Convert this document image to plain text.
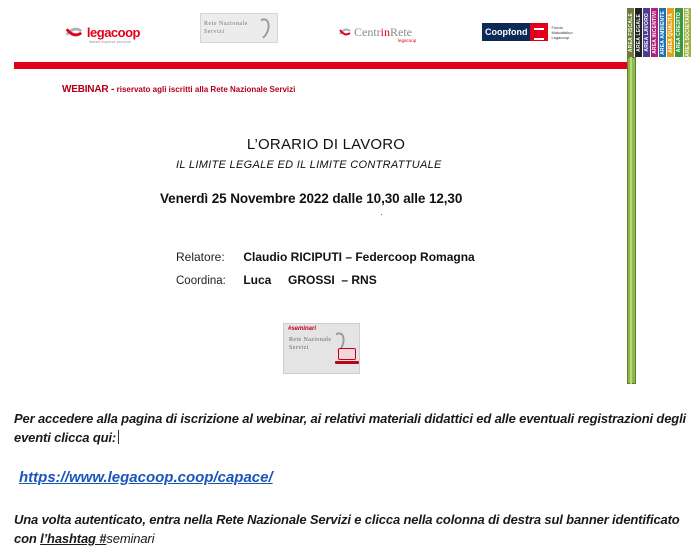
legacoop
italiani imprese persone
Rete Nazionale
Servizi	CentrinRete
legacoop
Coopfond	Fondo
Mutualistico
Legacoop	AREA FISCALE AREA LEGALE AREA LAVORO AREA INCENTIVI AREA AMBIENTE AREA QUALITÀ AREA CREDITO AREA SOCIETARIA
WEBINAR - riservato agli iscritti alla Rete Nazionale Servizi
L’ORARIO DI LAVORO
IL LIMITE LEGALE ED IL LIMITE CONTRATTUALE
Venerdì 25 Novembre 2022 dalle 10,30 alle 12,30
·
Relatore: Claudio RICIPUTI – Federcoop Romagna
Coordina: Luca     GROSSI  – RNS
#seminari
Rete Nazionale
Servizi
Per accedere alla pagina di iscrizione al webinar, ai relativi materiali didattici ed alle eventuali registrazioni degli eventi clicca qui:
https://www.legacoop.coop/capace/
Una volta autenticato, entra nella Rete Nazionale Servizi e clicca nella colonna di destra sul banner identificato con l’hashtag #seminari
